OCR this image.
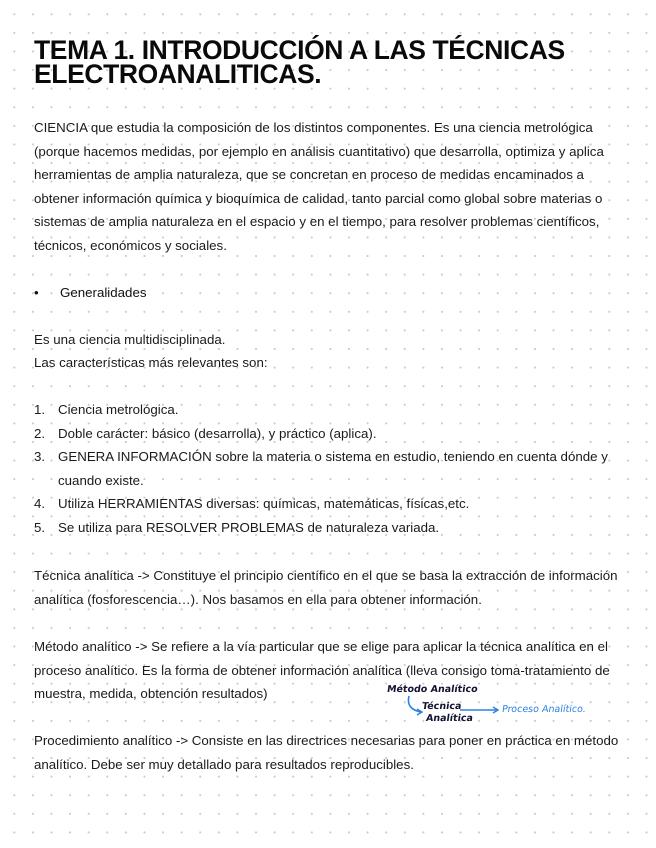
TEMA 1. INTRODUCCIÓN A LAS TÉCNICAS
ELECTROANALITICAS.

CIENCIA que estudia la composición de los distintos componentes. Es una ciencia metrológica (porque hacemos medidas, por ejemplo en análisis cuantitativo) que desarrolla, optimiza y aplica herramientas de amplia naturaleza, que se concretan en proceso de medidas encaminados a obtener información química y bioquímica de calidad, tanto parcial como global sobre materias o sistemas de amplia naturaleza en el espacio y en el tiempo, para resolver problemas científicos, técnicos, económicos y sociales.

• Generalidades

Es una ciencia multidisciplinada.

Las características más relevantes son:

1. Ciencia metrológica.
2. Doble carácter: básico (desarrolla), y práctico (aplica).
3. GENERA INFORMACIÓN sobre la materia o sistema en estudio, teniendo en cuenta dónde y cuando existe.
4. Utiliza HERRAMIENTAS diversas: químicas, matemáticas, físicas,etc.
5. Se utiliza para RESOLVER PROBLEMAS de naturaleza variada.

Técnica analítica -> Constituye el principio científico en el que se basa la extracción de información analítica (fosforescencia…). Nos basamos en ella para obtener información.

Método analítico -> Se refiere a la vía particular que se elige para aplicar la técnica analítica en el proceso analítico. Es la forma de obtener información analítica (lleva consigo toma-tratamiento de muestra, medida, obtención resultados)	Método Analítico
Técnica
Analítica
Proceso Analítico.

Procedimiento analítico -> Consiste en las directrices necesarias para poner en práctica en método analítico. Debe ser muy detallado para resultados reproducibles.
